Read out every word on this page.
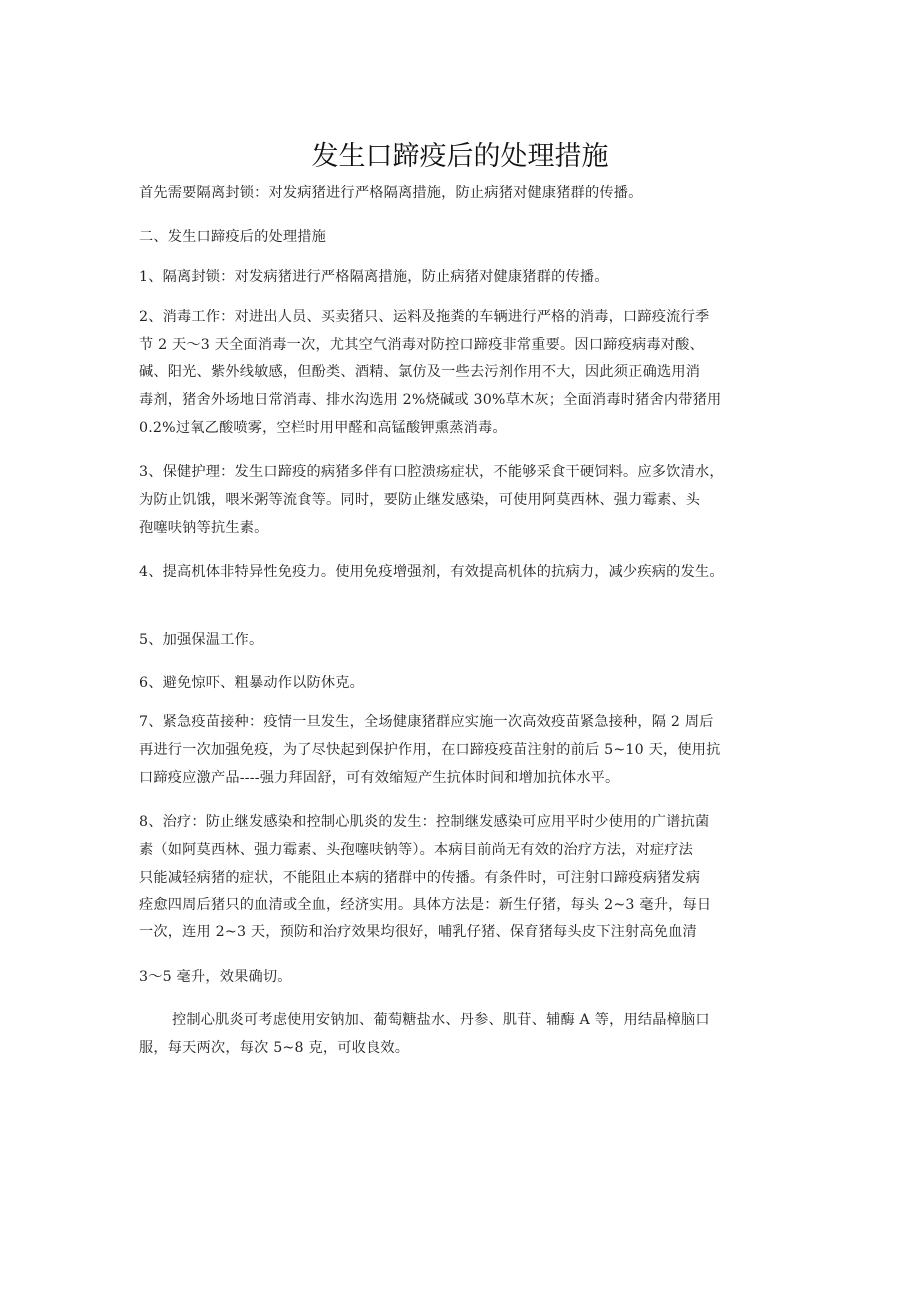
发生口蹄疫后的处理措施
首先需要隔离封锁：对发病猪进行严格隔离措施，防止病猪对健康猪群的传播。
二、发生口蹄疫后的处理措施
1、隔离封锁：对发病猪进行严格隔离措施，防止病猪对健康猪群的传播。
2、消毒工作：对进出人员、买卖猪只、运料及拖粪的车辆进行严格的消毒，口蹄疫流行季
节 2 天～3 天全面消毒一次，尤其空气消毒对防控口蹄疫非常重要。因口蹄疫病毒对酸、
碱、阳光、紫外线敏感，但酚类、酒精、氯仿及一些去污剂作用不大，因此须正确选用消
毒剂，猪舍外场地日常消毒、排水沟选用 2%烧碱或 30%草木灰；全面消毒时猪舍内带猪用
0.2%过氧乙酸喷雾，空栏时用甲醛和高锰酸钾熏蒸消毒。
3、保健护理：发生口蹄疫的病猪多伴有口腔溃疡症状，不能够采食干硬饲料。应多饮清水，
为防止饥饿，喂米粥等流食等。同时，要防止继发感染，可使用阿莫西林、强力霉素、头
孢噻呋钠等抗生素。
4、提高机体非特异性免疫力。使用免疫增强剂，有效提高机体的抗病力，减少疾病的发生。
5、加强保温工作。
6、避免惊吓、粗暴动作以防休克。
7、紧急疫苗接种：疫情一旦发生，全场健康猪群应实施一次高效疫苗紧急接种，隔 2 周后
再进行一次加强免疫，为了尽快起到保护作用，在口蹄疫疫苗注射的前后 5~10 天，使用抗
口蹄疫应激产品----强力拜固舒，可有效缩短产生抗体时间和增加抗体水平。
8、治疗：防止继发感染和控制心肌炎的发生：控制继发感染可应用平时少使用的广谱抗菌
素（如阿莫西林、强力霉素、头孢噻呋钠等）。本病目前尚无有效的治疗方法，对症疗法
只能减轻病猪的症状，不能阻止本病的猪群中的传播。有条件时，可注射口蹄疫病猪发病
痊愈四周后猪只的血清或全血，经济实用。具体方法是：新生仔猪，每头 2~3 毫升，每日
一次，连用 2~3 天，预防和治疗效果均很好，哺乳仔猪、保育猪每头皮下注射高免血清
3～5 毫升，效果确切。
控制心肌炎可考虑使用安钠加、葡萄糖盐水、丹参、肌苷、辅酶 A 等，用结晶樟脑口
服，每天两次，每次 5~8 克，可收良效。
